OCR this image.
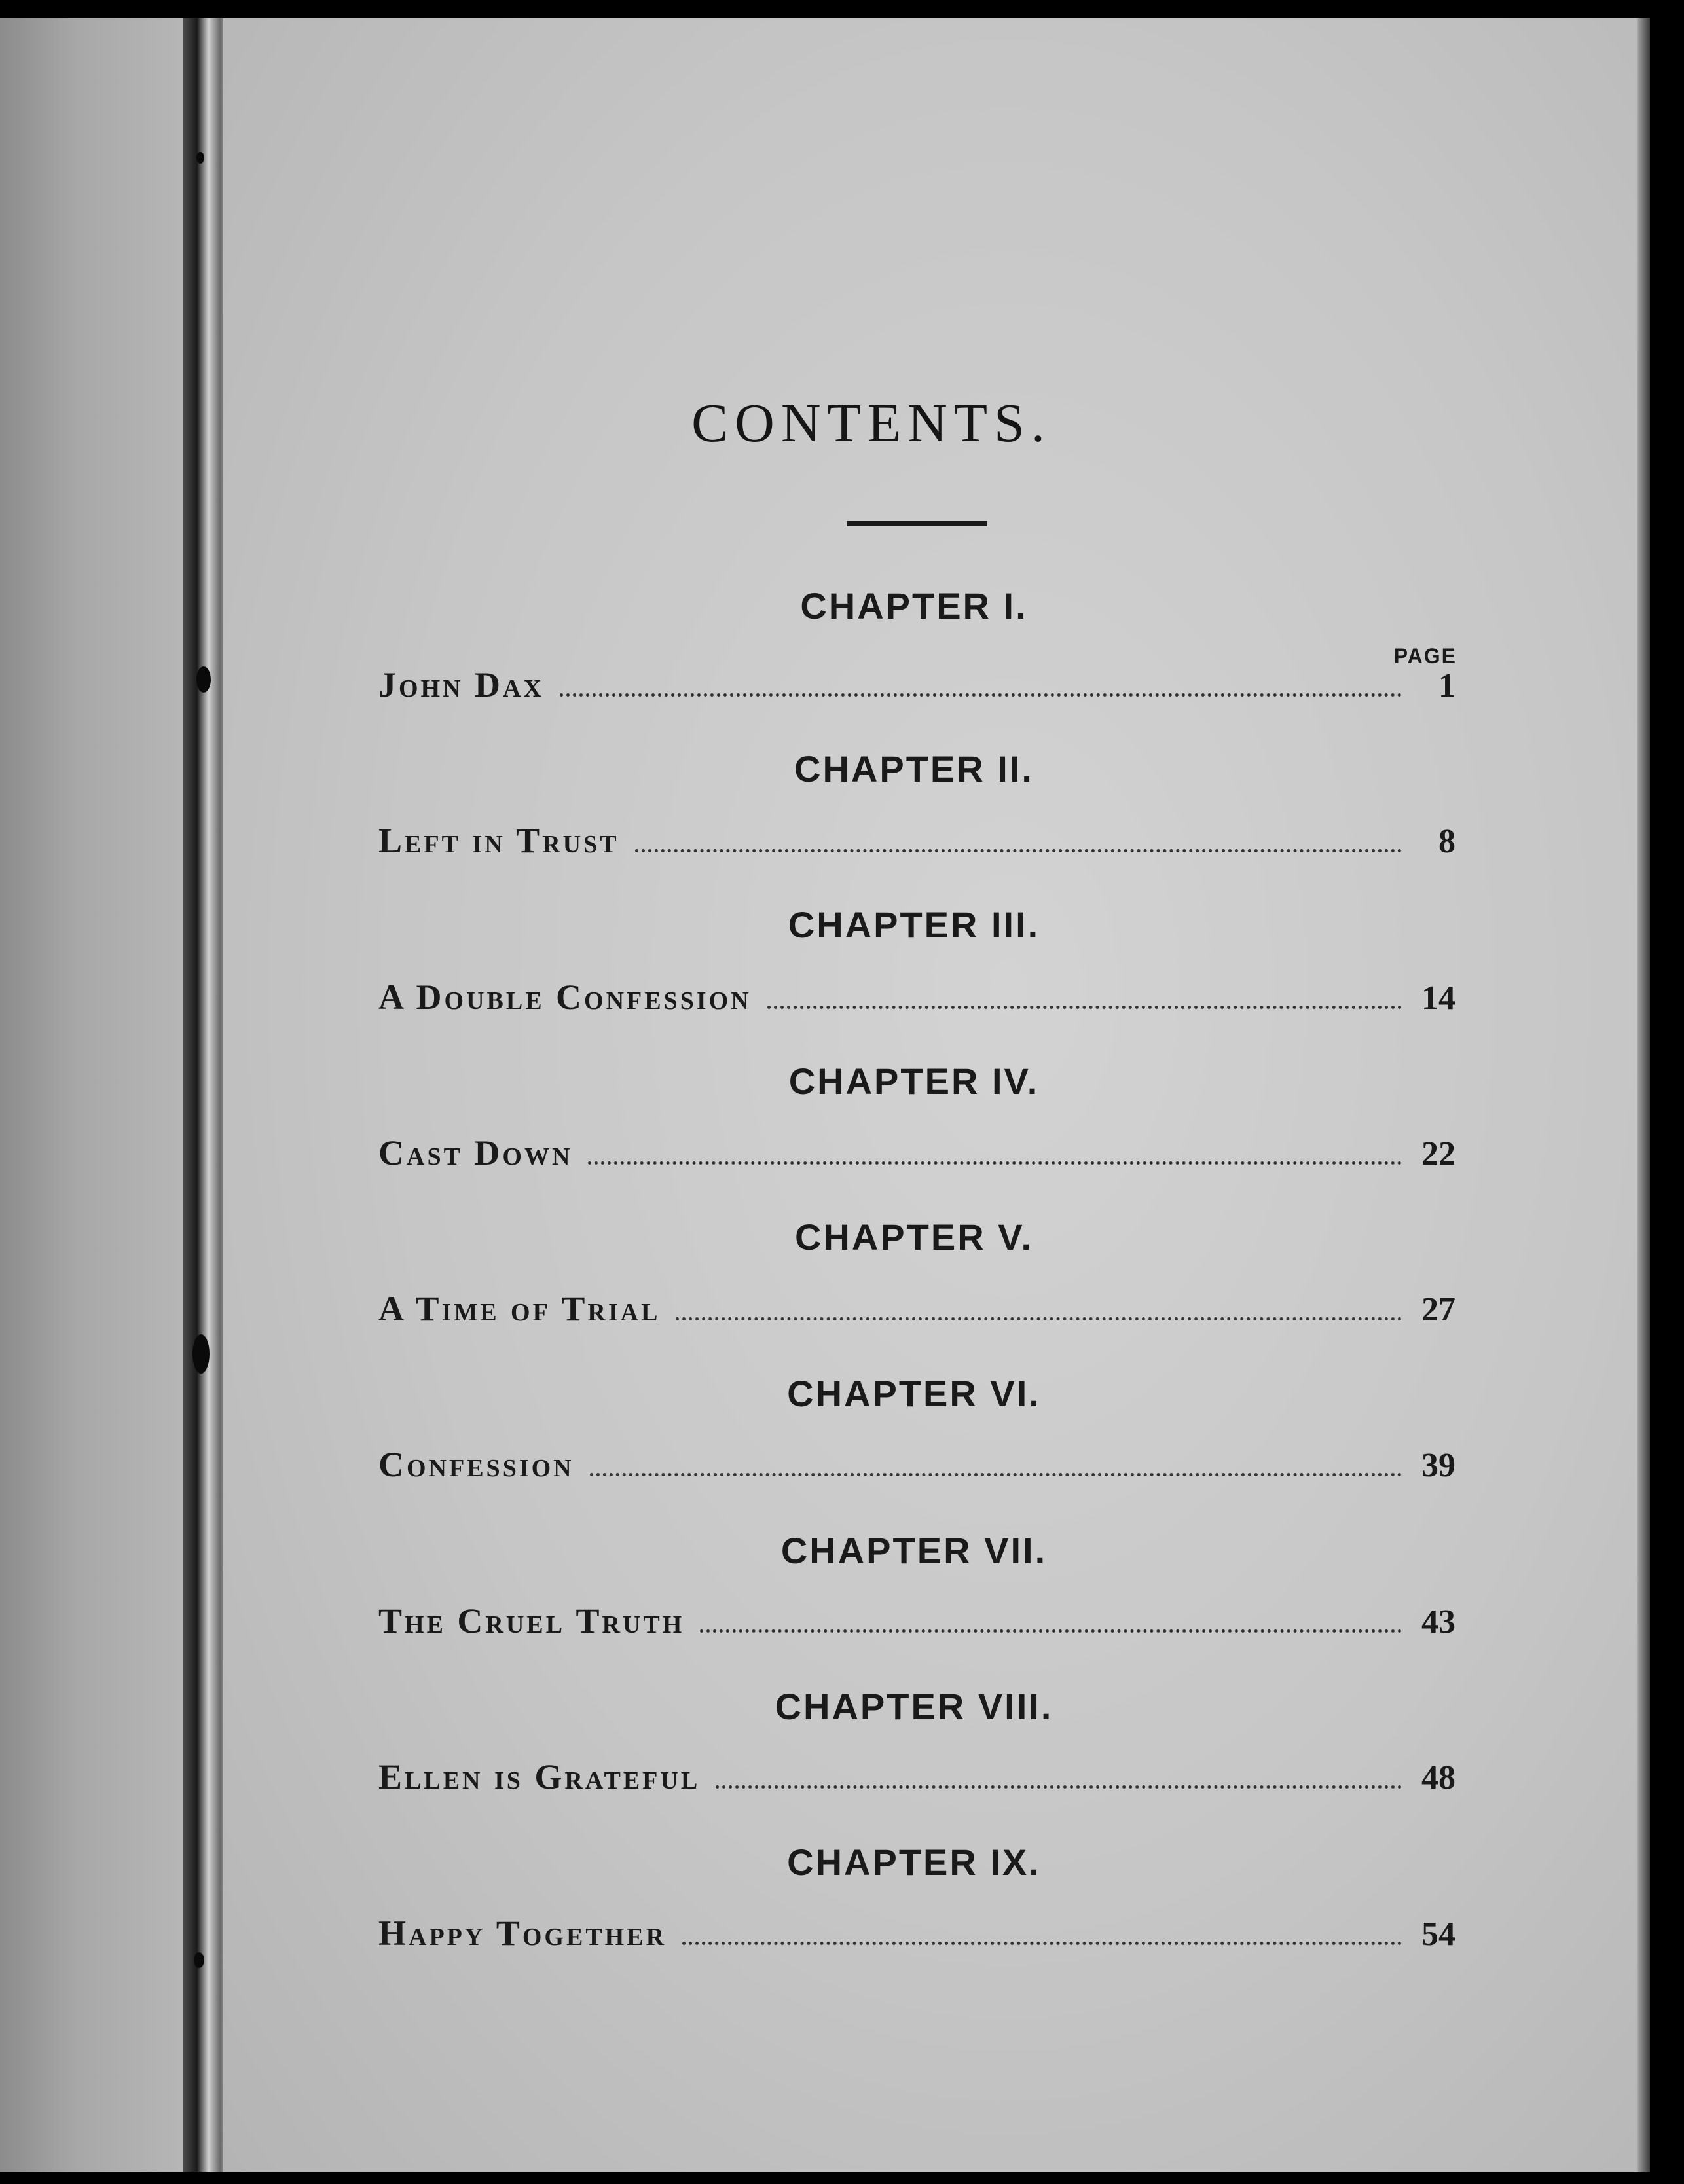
CONTENTS.
PAGE
CHAPTER I.
John Dax	1
CHAPTER II.
Left in Trust	8
CHAPTER III.
A Double Confession	14
CHAPTER IV.
Cast Down	22
CHAPTER V.
A Time of Trial	27
CHAPTER VI.
Confession	39
CHAPTER VII.
The Cruel Truth	43
CHAPTER VIII.
Ellen is Grateful	48
CHAPTER IX.
Happy Together	54
